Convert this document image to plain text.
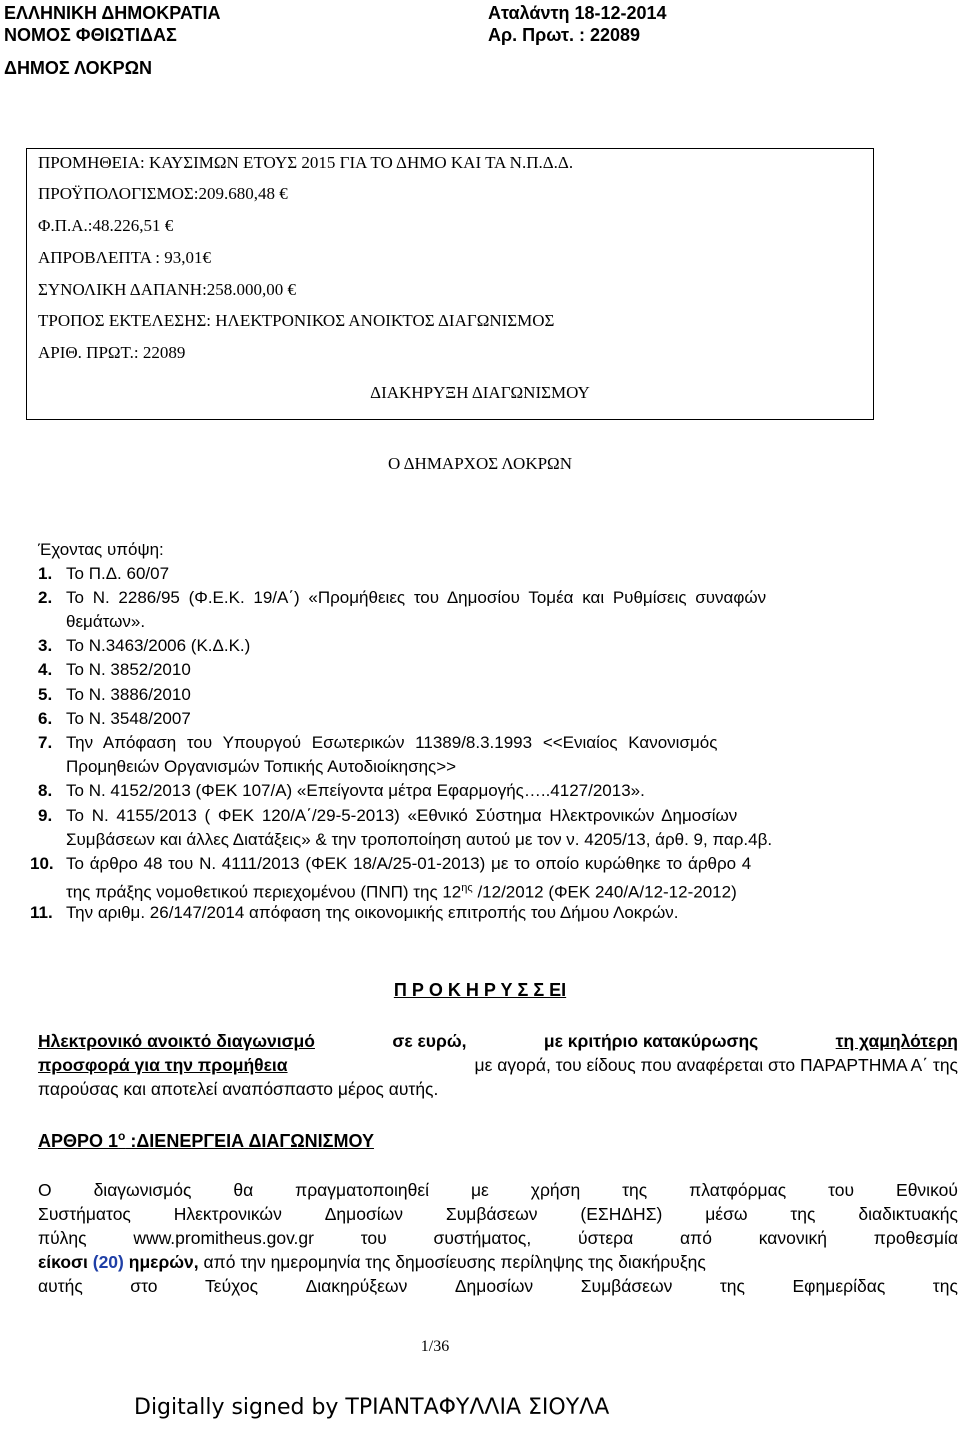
ΕΛΛΗΝΙΚΗ ΔΗΜΟΚΡΑΤΙΑ
ΝΟΜΟΣ ΦΘΙΩΤΙΔΑΣ
ΔΗΜΟΣ ΛΟΚΡΩΝ
Αταλάντη 18-12-2014
Αρ. Πρωτ. : 22089
ΠΡΟΜΗΘΕΙΑ: ΚΑΥΣΙΜΩΝ ΕΤΟΥΣ 2015 ΓΙΑ ΤΟ ΔΗΜΟ ΚΑΙ ΤΑ Ν.Π.Δ.Δ.
ΠΡΟΫΠΟΛΟΓΙΣΜΟΣ:209.680,48 €
Φ.Π.Α.:48.226,51 €
ΑΠΡΟΒΛΕΠΤΑ : 93,01€
ΣΥΝΟΛΙΚΗ ΔΑΠΑΝΗ:258.000,00 €
ΤΡΟΠΟΣ ΕΚΤΕΛΕΣΗΣ: ΗΛΕΚΤΡΟΝΙΚΟΣ ΑΝΟΙΚΤΟΣ ΔΙΑΓΩΝΙΣΜΟΣ
ΑΡΙΘ. ΠΡΩΤ.: 22089
ΔΙΑΚΗΡΥΞΗ ΔΙΑΓΩΝΙΣΜΟΥ
Ο ΔΗΜΑΡΧΟΣ ΛΟΚΡΩΝ
Έχοντας υπόψη:
1. Το Π.Δ. 60/07
2. Το Ν. 2286/95 (Φ.Ε.Κ. 19/Α΄) «Προμήθειες του Δημοσίου Τομέα και Ρυθμίσεις συναφών
θεμάτων».
3. Το Ν.3463/2006 (Κ.Δ.Κ.)
4. Το Ν. 3852/2010
5. Το Ν. 3886/2010
6. Το Ν. 3548/2007
7. Την Απόφαση του Υπουργού Εσωτερικών 11389/8.3.1993 <<Ενιαίος Κανονισμός
Προμηθειών Οργανισμών Τοπικής Αυτοδιοίκησης>>
8. Το Ν. 4152/2013 (ΦΕΚ 107/Α) «Επείγοντα μέτρα Εφαρμογής…..4127/2013».
9. Το Ν. 4155/2013 ( ΦΕΚ 120/Α΄/29-5-2013) «Εθνικό Σύστημα Ηλεκτρονικών Δημοσίων
Συμβάσεων και άλλες Διατάξεις» & την τροποποίηση αυτού με τον ν. 4205/13, άρθ. 9, παρ.4β.
10. Το άρθρο 48 του Ν. 4111/2013 (ΦΕΚ 18/Α/25-01-2013) με το οποίο κυρώθηκε το άρθρο 4
της πράξης νομοθετικού περιεχομένου (ΠΝΠ) της $12^{\eta\varsigma}$ /12/2012 (ΦΕΚ 240/Α/12-12-2012)
11. Την αριθμ. 26/147/2014 απόφαση της οικονομικής επιτροπής του Δήμου Λοκρών.
Π Ρ Ο Κ Η Ρ Υ Σ Σ ΕΙ
Ηλεκτρονικό ανοικτό διαγωνισμό	σε ευρώ,	με κριτήριο κατακύρωσης	τη χαμηλότερη
προσφορά για την προμήθεια	με αγορά, του είδους που αναφέρεται στο ΠΑΡΑΡΤΗΜΑ Α΄ της
παρούσας και αποτελεί αναπόσπαστο μέρος αυτής.
ΑΡΘΡΟ $1^o$ :ΔΙΕΝΕΡΓΕΙΑ ΔΙΑΓΩΝΙΣΜΟΥ
Ο διαγωνισμός θα πραγματοποιηθεί με χρήση της πλατφόρμας του Εθνικού
Συστήματος Ηλεκτρονικών Δημοσίων Συμβάσεων (ΕΣΗΔΗΣ) μέσω της διαδικτυακής
πύλης	www.promitheus.gov.gr	του	συστήματος,	ύστερα	από	κανονική	προθεσμία
είκοσι
(20)
ημερών,
από την ημερομηνία της δημοσίευσης περίληψης της διακήρυξης
αυτής	στο	Τεύχος	Διακηρύξεων	Δημοσίων	Συμβάσεων	της	Εφημερίδας	της
1/36
Digitally signed by ΤΡΙΑΝΤΑΦΥΛΛΙΑ ΣΙΟΥΛΑ
